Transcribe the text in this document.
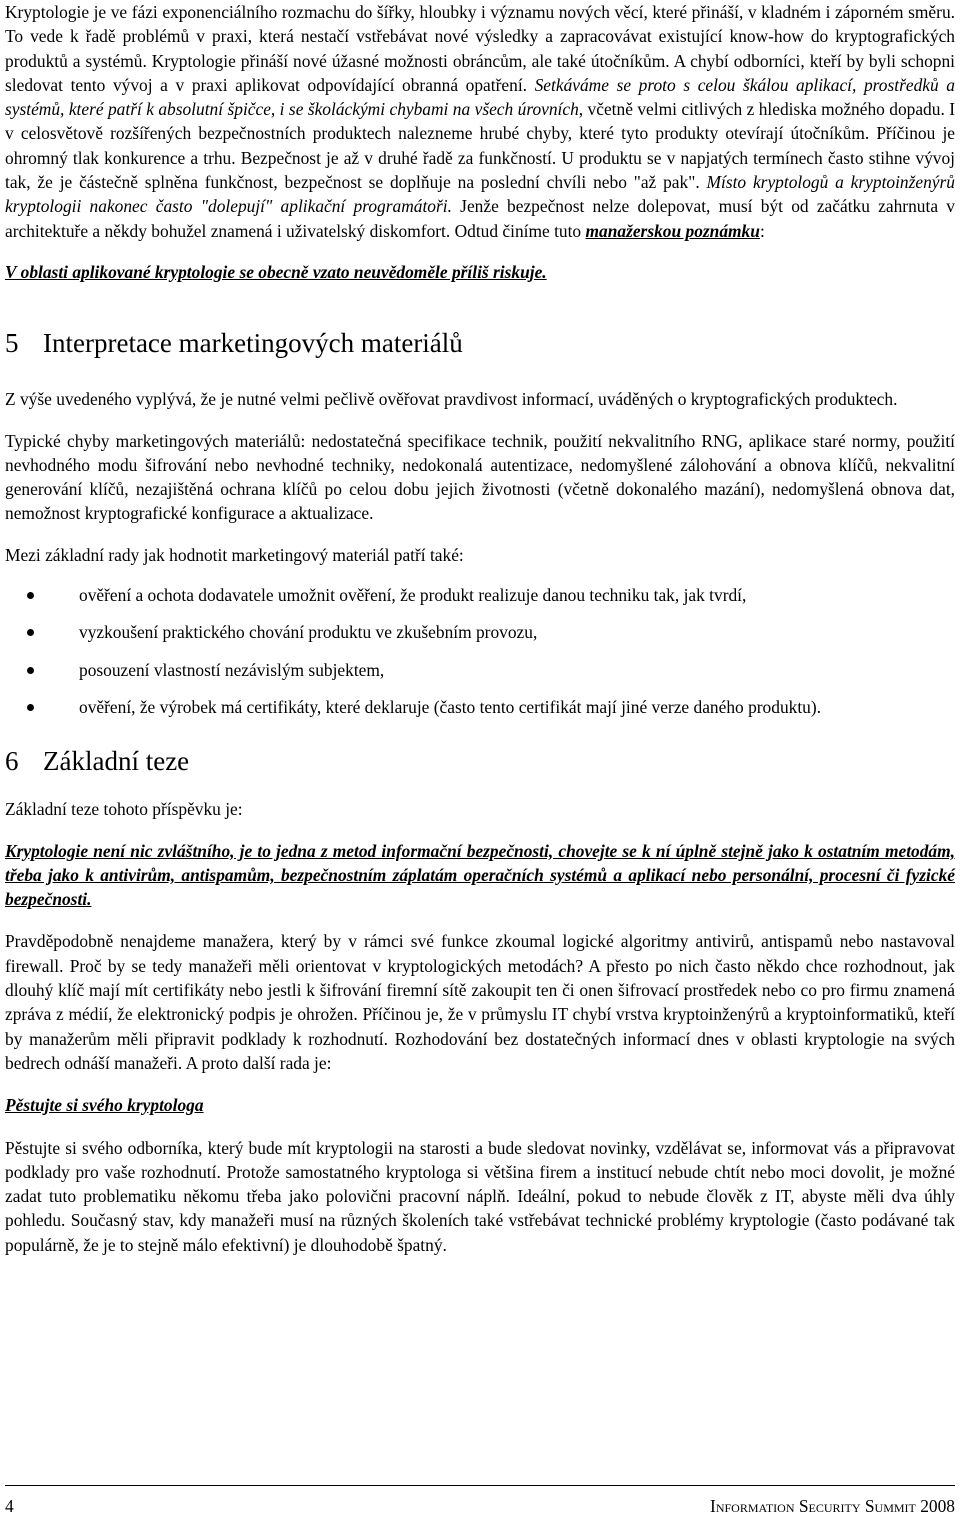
Kryptologie je ve fázi exponenciálního rozmachu do šířky, hloubky i významu nových věcí, které přináší, v kladném i záporném směru. To vede k řadě problémů v praxi, která nestačí vstřebávat nové výsledky a zapracovávat existující know-how do kryptografických produktů a systémů. Kryptologie přináší nové úžasné možnosti obráncům, ale také útočníkům. A chybí odborníci, kteří by byli schopni sledovat tento vývoj a v praxi aplikovat odpovídající obranná opatření. Setkáváme se proto s celou škálou aplikací, prostředků a systémů, které patří k absolutní špičce, i se školáckými chybami na všech úrovních, včetně velmi citlivých z hlediska možného dopadu. I v celosvětově rozšířených bezpečnostních produktech nalezneme hrubé chyby, které tyto produkty otevírají útočníkům. Příčinou je ohromný tlak konkurence a trhu. Bezpečnost je až v druhé řadě za funkčností. U produktu se v napjatých termínech často stihne vývoj tak, že je částečně splněna funkčnost, bezpečnost se doplňuje na poslední chvíli nebo "až pak". Místo kryptologů a kryptoinženýrů kryptologii nakonec často "dolepují" aplikační programátoři. Jenže bezpečnost nelze dolepovat, musí být od začátku zahrnuta v architektuře a někdy bohužel znamená i uživatelský diskomfort. Odtud činíme tuto manažerskou poznámku:

V oblasti aplikované kryptologie se obecně vzato neuvědoměle příliš riskuje.

5 Interpretace marketingových materiálů

Z výše uvedeného vyplývá, že je nutné velmi pečlivě ověřovat pravdivost informací, uváděných o kryptografických produktech.

Typické chyby marketingových materiálů: nedostatečná specifikace technik, použití nekvalitního RNG, aplikace staré normy, použití nevhodného modu šifrování nebo nevhodné techniky, nedokonalá autentizace, nedomyšlené zálohování a obnova klíčů, nekvalitní generování klíčů, nezajištěná ochrana klíčů po celou dobu jejich životnosti (včetně dokonalého mazání), nedomyšlená obnova dat, nemožnost kryptografické konfigurace a aktualizace.

Mezi základní rady jak hodnotit marketingový materiál patří také:

ověření a ochota dodavatele umožnit ověření, že produkt realizuje danou techniku tak, jak tvrdí,
vyzkoušení praktického chování produktu ve zkušebním provozu,
posouzení vlastností nezávislým subjektem,
ověření, že výrobek má certifikáty, které deklaruje (často tento certifikát mají jiné verze daného produktu).
6 Základní teze

Základní teze tohoto příspěvku je:

Kryptologie není nic zvláštního, je to jedna z metod informační bezpečnosti, chovejte se k ní úplně stejně jako k ostatním metodám, třeba jako k antivirům, antispamům, bezpečnostním záplatám operačních systémů a aplikací nebo personální, procesní či fyzické bezpečnosti.

Pravděpodobně nenajdeme manažera, který by v rámci své funkce zkoumal logické algoritmy antivirů, antispamů nebo nastavoval firewall. Proč by se tedy manažeři měli orientovat v kryptologických metodách? A přesto po nich často někdo chce rozhodnout, jak dlouhý klíč mají mít certifikáty nebo jestli k šifrování firemní sítě zakoupit ten či onen šifrovací prostředek nebo co pro firmu znamená zpráva z médií, že elektronický podpis je ohrožen. Příčinou je, že v průmyslu IT chybí vrstva kryptoinženýrů a kryptoinformatiků, kteří by manažerům měli připravit podklady k rozhodnutí. Rozhodování bez dostatečných informací dnes v oblasti kryptologie na svých bedrech odnáší manažeři. A proto další rada je:

Pěstujte si svého kryptologa

Pěstujte si svého odborníka, který bude mít kryptologii na starosti a bude sledovat novinky, vzdělávat se, informovat vás a připravovat podklady pro vaše rozhodnutí. Protože samostatného kryptologa si většina firem a institucí nebude chtít nebo moci dovolit, je možné zadat tuto problematiku někomu třeba jako polovični pracovní náplň. Ideální, pokud to nebude člověk z IT, abyste měli dva úhly pohledu. Současný stav, kdy manažeři musí na různých školeních také vstřebávat technické problémy kryptologie (často podávané tak populárně, že je to stejně málo efektivní) je dlouhodobě špatný.

4	Information Security Summit 2008
